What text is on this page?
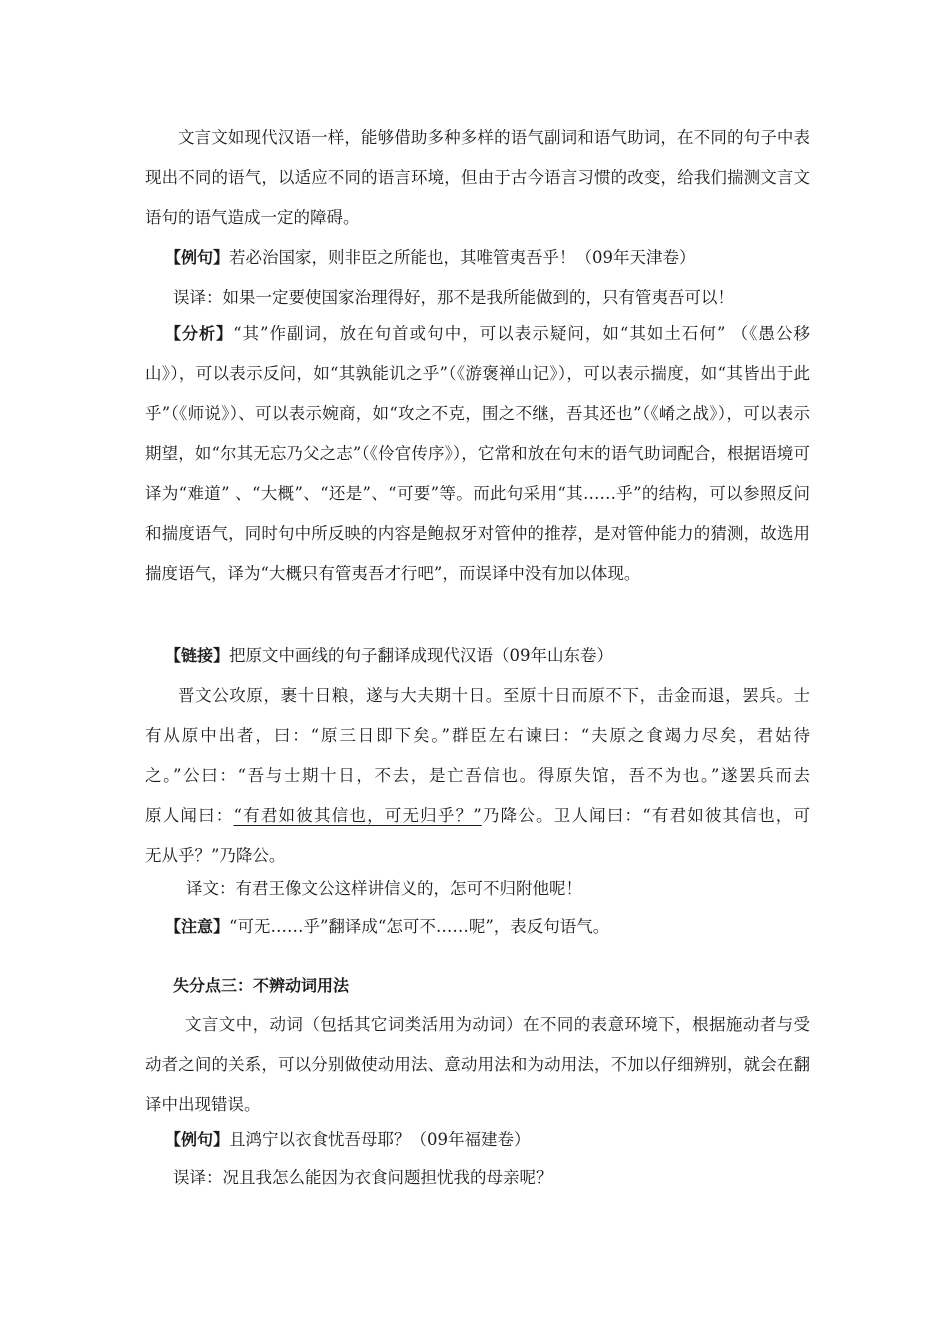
文言文如现代汉语一样，能够借助多种多样的语气副词和语气助词，在不同的句子中表现出不同的语气，以适应不同的语言环境，但由于古今语言习惯的改变，给我们揣测文言文语句的语气造成一定的障碍。

【例句】若必治国家，则非臣之所能也，其唯管夷吾乎！（09年天津卷）

误译：如果一定要使国家治理得好，那不是我所能做到的，只有管夷吾可以！

【分析】“其”作副词，放在句首或句中，可以表示疑问，如“其如土石何” （《愚公移山》），可以表示反问，如“其孰能讥之乎”（《游褒禅山记》），可以表示揣度，如“其皆出于此乎”（《师说》）、可以表示婉商，如“攻之不克，围之不继，吾其还也”（《崤之战》），可以表示期望，如“尔其无忘乃父之志”（《伶官传序》），它常和放在句末的语气助词配合，根据语境可译为“难道” 、“大概”、“还是”、“可要”等。而此句采用“其……乎”的结构，可以参照反问和揣度语气，同时句中所反映的内容是鲍叔牙对管仲的推荐，是对管仲能力的猜测，故选用揣度语气，译为“大概只有管夷吾才行吧”，而误译中没有加以体现。

【链接】把原文中画线的句子翻译成现代汉语（09年山东卷）

晋文公攻原，裹十日粮，遂与大夫期十日。至原十日而原不下，击金而退，罢兵。士

有从原中出者，曰：“原三日即下矣。”群臣左右谏曰：“夫原之食竭力尽矣，君姑待

之。”公曰：“吾与士期十日，不去，是亡吾信也。得原失馆，吾不为也。”遂罢兵而去

原人闻曰：“有君如彼其信也，可无归乎？”乃降公。卫人闻曰：“有君如彼其信也，可

无从乎？”乃降公。

译文：有君王像文公这样讲信义的，怎可不归附他呢！

【注意】“可无……乎”翻译成“怎可不……呢”，表反句语气。

失分点三：不辨动词用法

文言文中，动词（包括其它词类活用为动词）在不同的表意环境下，根据施动者与受动者之间的关系，可以分别做使动用法、意动用法和为动用法，不加以仔细辨别，就会在翻译中出现错误。

【例句】且鸿宁以衣食忧吾母耶？（09年福建卷）

误译：况且我怎么能因为衣食问题担忧我的母亲呢？
